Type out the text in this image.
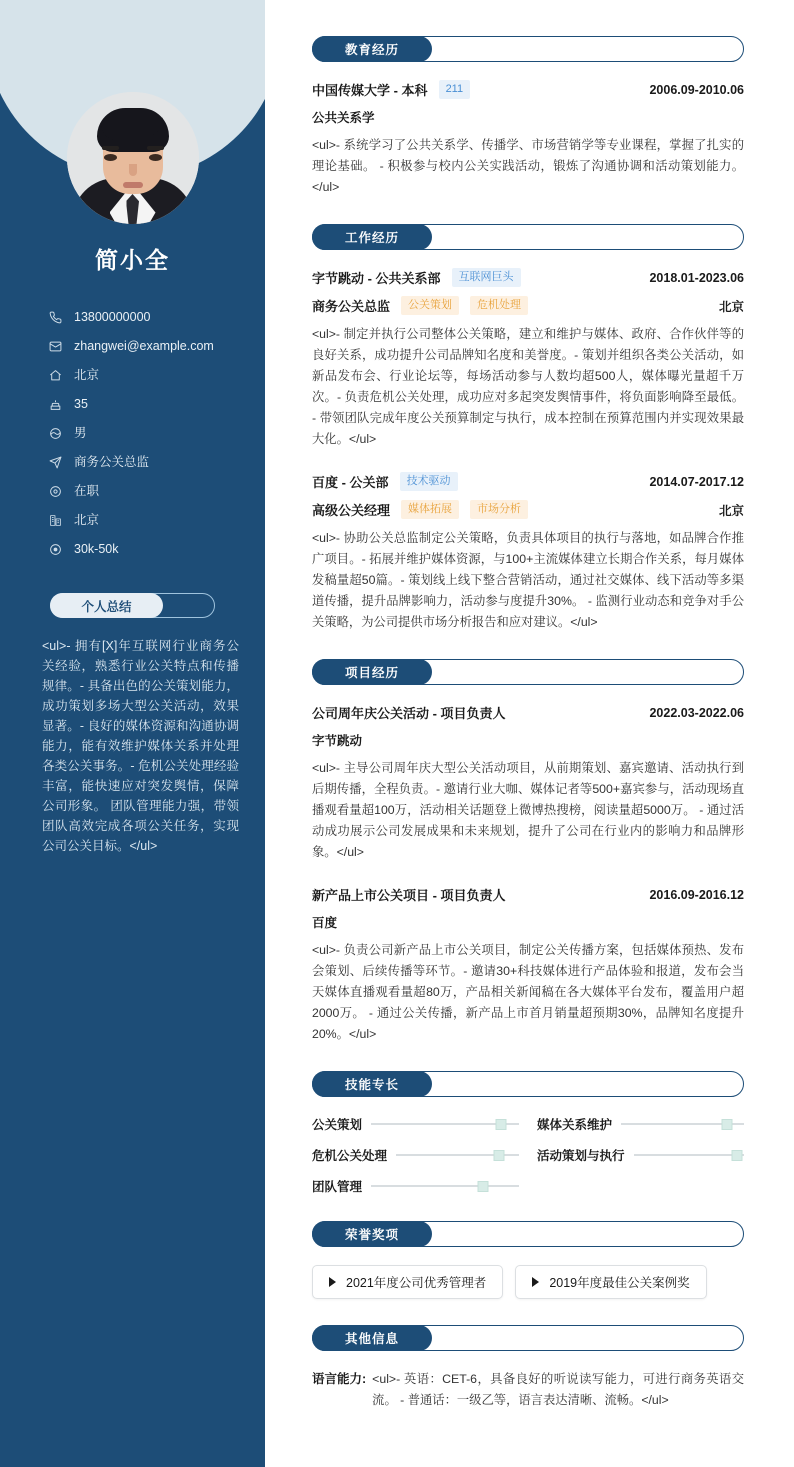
简小全
13800000000
zhangwei@example.com
北京
35
男
商务公关总监
在职
北京
30k-50k
个人总结
<ul>- 拥有[X]年互联网行业商务公关经验，熟悉行业公关特点和传播规律。- 具备出色的公关策划能力，成功策划多场大型公关活动，效果显著。- 良好的媒体资源和沟通协调能力，能有效维护媒体关系并处理各类公关事务。- 危机公关处理经验丰富，能快速应对突发舆情，保障公司形象。 团队管理能力强，带领团队高效完成各项公关任务，实现公司公关目标。</ul>
教育经历
中国传媒大学 - 本科	211	2006.09-2010.06
公共关系学
<ul>- 系统学习了公共关系学、传播学、市场营销学等专业课程，掌握了扎实的理论基础。 - 积极参与校内公关实践活动，锻炼了沟通协调和活动策划能力。</ul>
工作经历
字节跳动 - 公共关系部	互联网巨头	2018.01-2023.06
商务公关总监	公关策划	危机处理	北京
<ul>- 制定并执行公司整体公关策略，建立和维护与媒体、政府、合作伙伴等的良好关系，成功提升公司品牌知名度和美誉度。- 策划并组织各类公关活动，如新品发布会、行业论坛等，每场活动参与人数均超500人，媒体曝光量超千万次。- 负责危机公关处理，成功应对多起突发舆情事件，将负面影响降至最低。 - 带领团队完成年度公关预算制定与执行，成本控制在预算范围内并实现效果最大化。</ul>
百度 - 公关部	技术驱动	2014.07-2017.12
高级公关经理	媒体拓展	市场分析	北京
<ul>- 协助公关总监制定公关策略，负责具体项目的执行与落地，如品牌合作推广项目。- 拓展并维护媒体资源，与100+主流媒体建立长期合作关系，每月媒体发稿量超50篇。- 策划线上线下整合营销活动，通过社交媒体、线下活动等多渠道传播，提升品牌影响力，活动参与度提升30%。 - 监测行业动态和竞争对手公关策略，为公司提供市场分析报告和应对建议。</ul>
项目经历
公司周年庆公关活动 - 项目负责人	2022.03-2022.06
字节跳动
<ul>- 主导公司周年庆大型公关活动项目，从前期策划、嘉宾邀请、活动执行到后期传播，全程负责。- 邀请行业大咖、媒体记者等500+嘉宾参与，活动现场直播观看量超100万，活动相关话题登上微博热搜榜，阅读量超5000万。 - 通过活动成功展示公司发展成果和未来规划，提升了公司在行业内的影响力和品牌形象。</ul>
新产品上市公关项目 - 项目负责人	2016.09-2016.12
百度
<ul>- 负责公司新产品上市公关项目，制定公关传播方案，包括媒体预热、发布会策划、后续传播等环节。- 邀请30+科技媒体进行产品体验和报道，发布会当天媒体直播观看量超80万，产品相关新闻稿在各大媒体平台发布，覆盖用户超2000万。 - 通过公关传播，新产品上市首月销量超预期30%，品牌知名度提升20%。</ul>
技能专长
公关策划	媒体关系维护
危机公关处理	活动策划与执行
团队管理
荣誉奖项
2021年度公司优秀管理者	2019年度最佳公关案例奖
其他信息
语言能力: <ul>- 英语：CET-6，具备良好的听说读写能力，可进行商务英语交流。 - 普通话：一级乙等，语言表达清晰、流畅。</ul>
